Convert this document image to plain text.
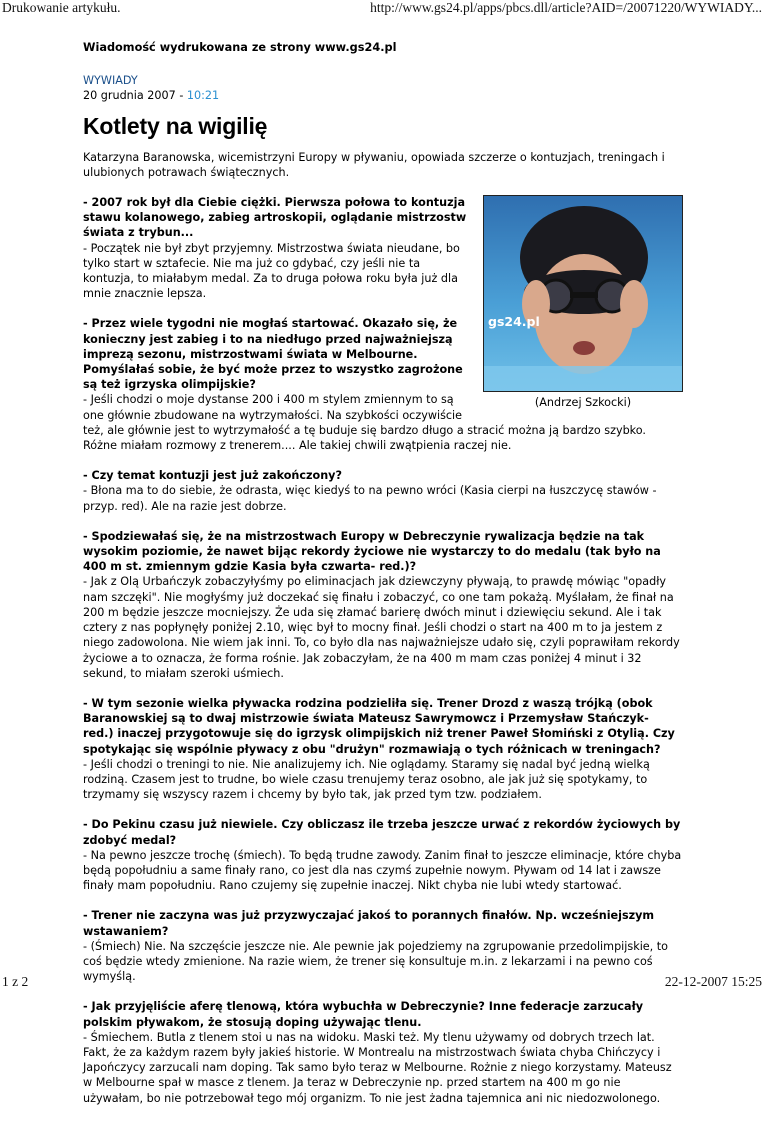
Drukowanie artykułu.	http://www.gs24.pl/apps/pbcs.dll/article?AID=/20071220/WYWIADY...
Wiadomość wydrukowana ze strony www.gs24.pl
WYWIADY
20 grudnia 2007 - 10:21
Kotlety na wigilię

Katarzyna Baranowska, wicemistrzyni Europy w pływaniu, opowiada szczerze o kontuzjach, treningach i ulubionych potrawach świątecznych.

gs24.pl
(Andrzej Szkocki)

- 2007 rok był dla Ciebie ciężki. Pierwsza połowa to kontuzja stawu kolanowego, zabieg artroskopii, oglądanie mistrzostw świata z trybun...
- Początek nie był zbyt przyjemny. Mistrzostwa świata nieudane, bo tylko start w sztafecie. Nie ma już co gdybać, czy jeśli nie ta kontuzja, to miałabym medal. Za to druga połowa roku była już dla mnie znacznie lepsza.

- Przez wiele tygodni nie mogłaś startować. Okazało się, że konieczny jest zabieg i to na niedługo przed najważniejszą imprezą sezonu, mistrzostwami świata w Melbourne. Pomyślałaś sobie, że być może przez to wszystko zagrożone są też igrzyska olimpijskie?
- Jeśli chodzi o moje dystanse 200 i 400 m stylem zmiennym to są one głównie zbudowane na wytrzymałości. Na szybkości oczywiście też, ale głównie jest to wytrzymałość a tę buduje się bardzo długo a stracić można ją bardzo szybko. Różne miałam rozmowy z trenerem.... Ale takiej chwili zwątpienia raczej nie.

- Czy temat kontuzji jest już zakończony?
- Błona ma to do siebie, że odrasta, więc kiedyś to na pewno wróci (Kasia cierpi na łuszczycę stawów - przyp. red). Ale na razie jest dobrze.

- Spodziewałaś się, że na mistrzostwach Europy w Debreczynie rywalizacja będzie na tak wysokim poziomie, że nawet bijąc rekordy życiowe nie wystarczy to do medalu (tak było na 400 m st. zmiennym gdzie Kasia była czwarta- red.)?
- Jak z Olą Urbańczyk zobaczyłyśmy po eliminacjach jak dziewczyny pływają, to prawdę mówiąc "opadły nam szczęki". Nie mogłyśmy już doczekać się finału i zobaczyć, co one tam pokażą. Myślałam, że finał na 200 m będzie jeszcze mocniejszy. Że uda się złamać barierę dwóch minut i dziewięciu sekund. Ale i tak cztery z nas popłynęły poniżej 2.10, więc był to mocny finał. Jeśli chodzi o start na 400 m to ja jestem z niego zadowolona. Nie wiem jak inni. To, co było dla nas najważniejsze udało się, czyli poprawiłam rekordy życiowe a to oznacza, że forma rośnie. Jak zobaczyłam, że na 400 m mam czas poniżej 4 minut i 32 sekund, to miałam szeroki uśmiech.

- W tym sezonie wielka pływacka rodzina podzieliła się. Trener Drozd z waszą trójką (obok Baranowskiej są to dwaj mistrzowie świata Mateusz Sawrymowcz i Przemysław Stańczyk- red.) inaczej przygotowuje się do igrzysk olimpijskich niż trener Paweł Słomiński z Otylią. Czy spotykając się wspólnie pływacy z obu "drużyn" rozmawiają o tych różnicach w treningach?
- Jeśli chodzi o treningi to nie. Nie analizujemy ich. Nie oglądamy. Staramy się nadal być jedną wielką rodziną. Czasem jest to trudne, bo wiele czasu trenujemy teraz osobno, ale jak już się spotykamy, to trzymamy się wszyscy razem i chcemy by było tak, jak przed tym tzw. podziałem.

- Do Pekinu czasu już niewiele. Czy obliczasz ile trzeba jeszcze urwać z rekordów życiowych by zdobyć medal?
- Na pewno jeszcze trochę (śmiech). To będą trudne zawody. Zanim finał to jeszcze eliminacje, które chyba będą popołudniu a same finały rano, co jest dla nas czymś zupełnie nowym. Pływam od 14 lat i zawsze finały mam popołudniu. Rano czujemy się zupełnie inaczej. Nikt chyba nie lubi wtedy startować.

- Trener nie zaczyna was już przyzwyczajać jakoś to porannych finałów. Np. wcześniejszym wstawaniem?
- (Śmiech) Nie. Na szczęście jeszcze nie. Ale pewnie jak pojedziemy na zgrupowanie przedolimpijskie, to coś będzie wtedy zmienione. Na razie wiem, że trener się konsultuje m.in. z lekarzami i na pewno coś wymyślą.

- Jak przyjęliście aferę tlenową, która wybuchła w Debreczynie? Inne federacje zarzucały polskim pływakom, że stosują doping używając tlenu.
- Śmiechem. Butla z tlenem stoi u nas na widoku. Maski też. My tlenu używamy od dobrych trzech lat. Fakt, że za każdym razem były jakieś historie. W Montrealu na mistrzostwach świata chyba Chińczycy i Japończycy zarzucali nam doping. Tak samo było teraz w Melbourne. Rożnie z niego korzystamy. Mateusz w Melbourne spał w masce z tlenem. Ja teraz w Debreczynie np. przed startem na 400 m go nie używałam, bo nie potrzebował tego mój organizm. To nie jest żadna tajemnica ani nic niedozwolonego.

1 z 2	22-12-2007 15:25
